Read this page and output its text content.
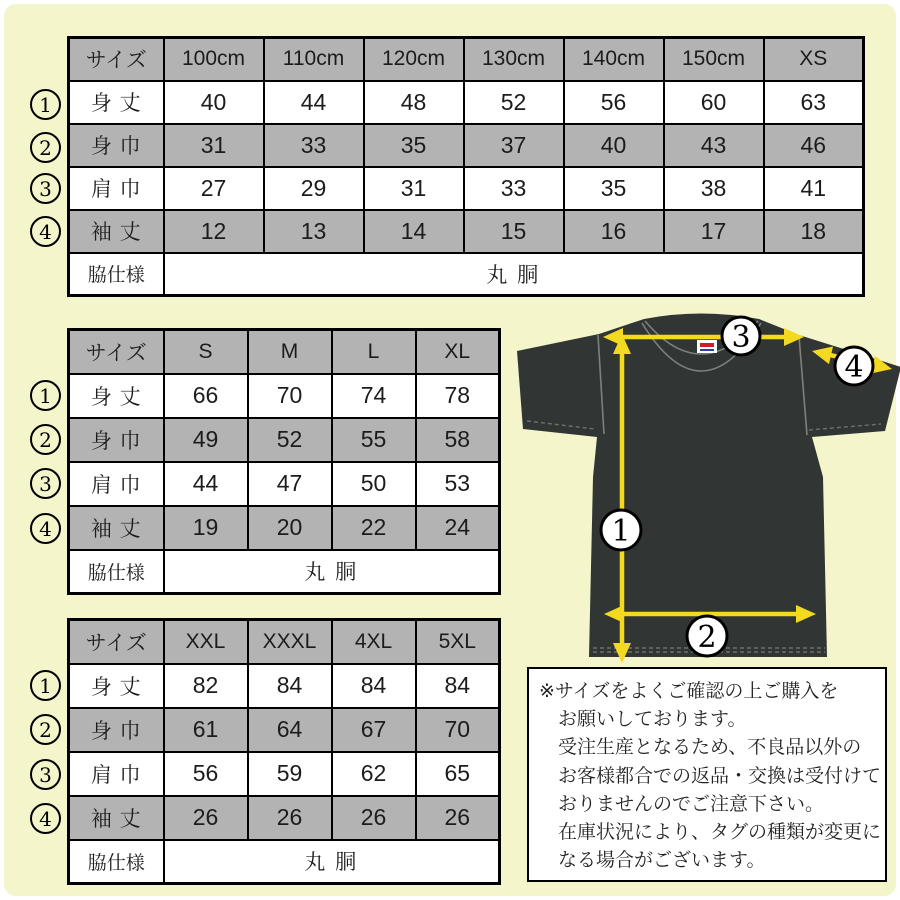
1
2
3
4
1
2
3
4
1
2
3
4
サイズ	100cm	110cm	120cm	130cm	140cm	150cm	XS
身 丈	40	44	48	52	56	60	63
身 巾	31	33	35	37	40	43	46
肩 巾	27	29	31	33	35	38	41
袖 丈	12	13	14	15	16	17	18
脇仕様	丸 胴						
サイズ	S	M	L	XL
身 丈	66	70	74	78
身 巾	49	52	55	58
肩 巾	44	47	50	53
袖 丈	19	20	22	24
脇仕様	丸 胴			
サイズ	XXL	XXXL	4XL	5XL
身 丈	82	84	84	84
身 巾	61	64	67	70
肩 巾	56	59	62	65
袖 丈	26	26	26	26
脇仕様	丸 胴			
1
2
3
4
※サイズをよくご確認の上ご購入を
お願いしております。
受注生産となるため、不良品以外の
お客様都合での返品・交換は受付けて
おりませんのでご注意下さい。
在庫状況により、タグの種類が変更に
なる場合がございます。
